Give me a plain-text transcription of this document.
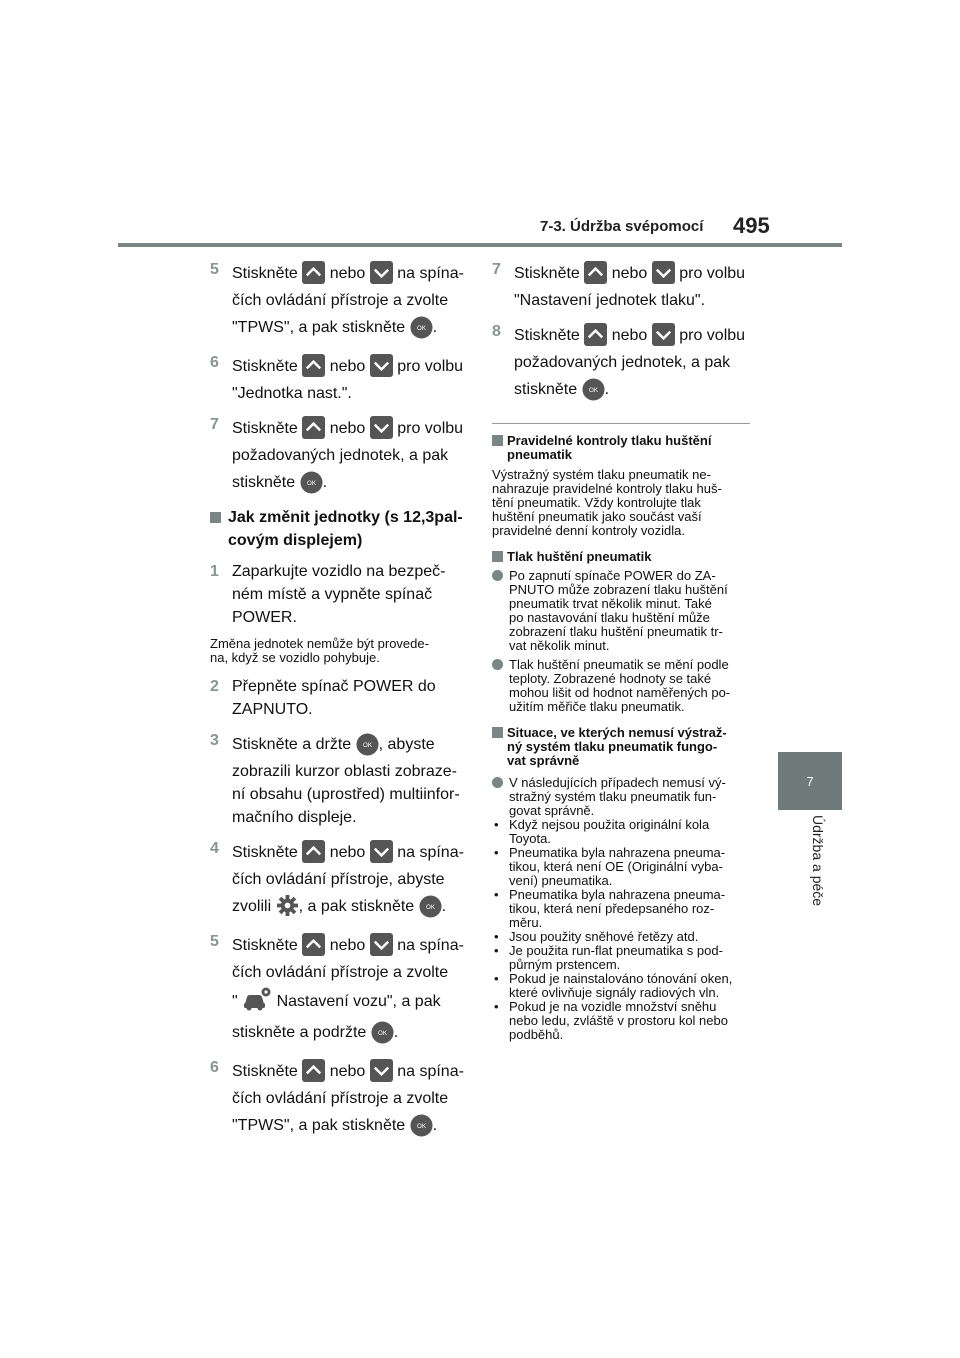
7-3. Údržba svépomocí 495
7
Údržba a péče
5 Stiskněte nebo na spína-
čích ovládání přístroje a zvolte
"TPWS", a pak stiskněte OK .
6 Stiskněte nebo pro volbu
"Jednotka nast.".
7 Stiskněte nebo pro volbu
požadovaných jednotek, a pak
stiskněte OK .
Jak změnit jednotky (s 12,3pal-
covým displejem)
1 Zaparkujte vozidlo na bezpeč-
ném místě a vypněte spínač
POWER.
Změna jednotek nemůže být provede-
na, když se vozidlo pohybuje.
2 Přepněte spínač POWER do
ZAPNUTO.
3 Stiskněte a držte OK , abyste
zobrazili kurzor oblasti zobraze-
ní obsahu (uprostřed) multiinfor-
mačního displeje.
4 Stiskněte nebo na spína-
čích ovládání přístroje, abyste
zvolili , a pak stiskněte OK .
5 Stiskněte nebo na spína-
čích ovládání přístroje a zvolte
" Nastavení vozu", a pak
stiskněte a podržte OK .
6 Stiskněte nebo na spína-
čích ovládání přístroje a zvolte
"TPWS", a pak stiskněte OK .
7 Stiskněte nebo pro volbu
"Nastavení jednotek tlaku".
8 Stiskněte nebo pro volbu
požadovaných jednotek, a pak
stiskněte OK .
Pravidelné kontroly tlaku huštění
pneumatik
Výstražný systém tlaku pneumatik ne-
nahrazuje pravidelné kontroly tlaku huš-
tění pneumatik. Vždy kontrolujte tlak
huštění pneumatik jako součást vaší
pravidelné denní kontroly vozidla.
Tlak huštění pneumatik
Po zapnutí spínače POWER do ZA-
PNUTO může zobrazení tlaku huštění
pneumatik trvat několik minut. Také
po nastavování tlaku huštění může
zobrazení tlaku huštění pneumatik tr-
vat několik minut.
Tlak huštění pneumatik se mění podle
teploty. Zobrazené hodnoty se také
mohou lišit od hodnot naměřených po-
užitím měřiče tlaku pneumatik.
Situace, ve kterých nemusí výstraž-
ný systém tlaku pneumatik fungo-
vat správně
V následujících případech nemusí vý-
stražný systém tlaku pneumatik fun-
govat správně.
• Když nejsou použita originální kola
Toyota.
• Pneumatika byla nahrazena pneuma-
tikou, která není OE (Originální vyba-
vení) pneumatika.
• Pneumatika byla nahrazena pneuma-
tikou, která není předepsaného roz-
měru.
• Jsou použity sněhové řetězy atd.
• Je použita run-flat pneumatika s pod-
půrným prstencem.
• Pokud je nainstalováno tónování oken,
které ovlivňuje signály radiových vln.
• Pokud je na vozidle množství sněhu
nebo ledu, zvláště v prostoru kol nebo
podběhů.
